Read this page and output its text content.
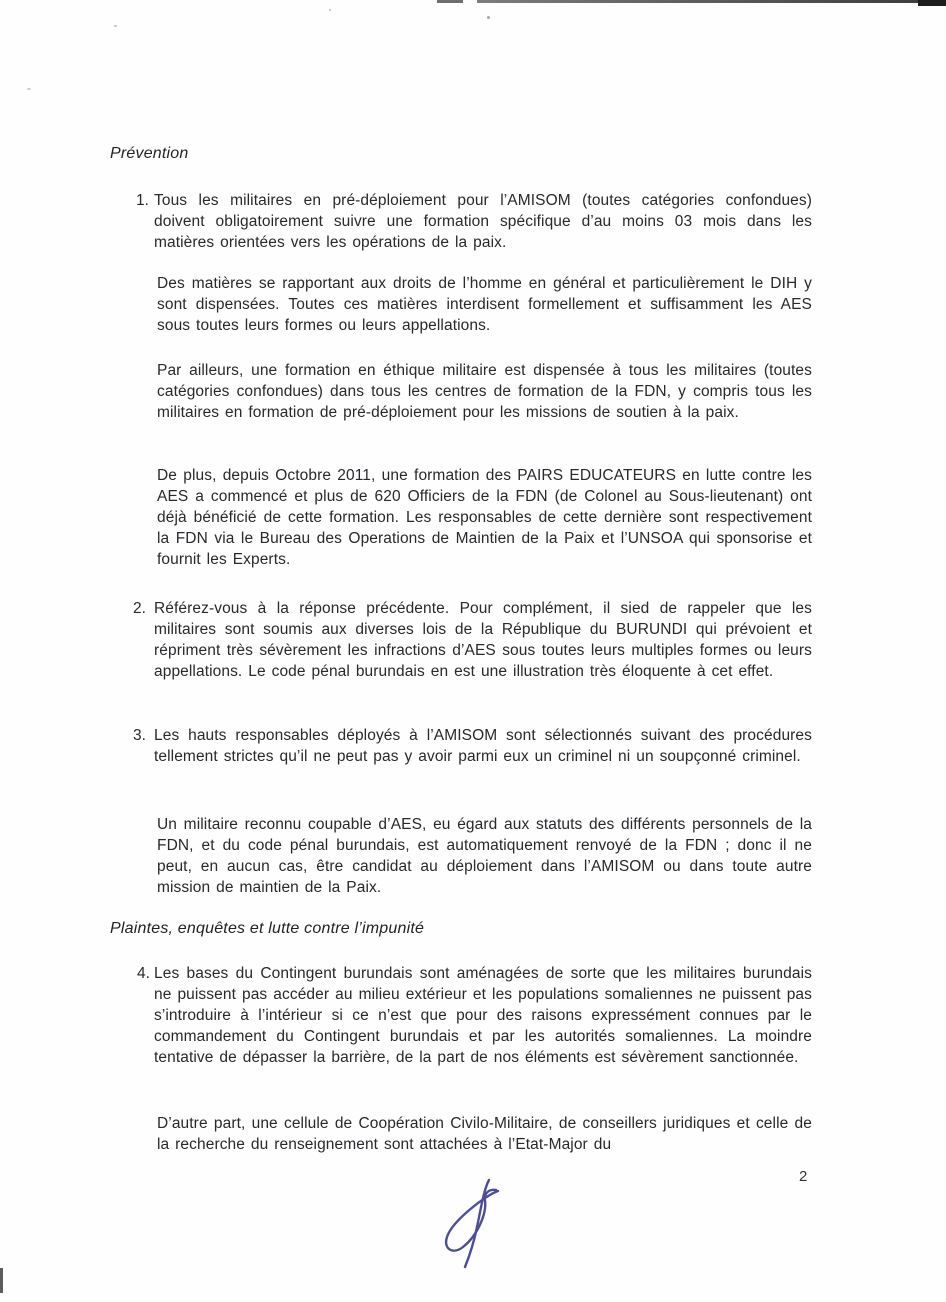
Prévention
1. Tous les militaires en pré-déploiement pour l’AMISOM (toutes catégories confondues) doivent obligatoirement suivre une formation spécifique d’au moins 03 mois dans les matières orientées vers les opérations de la paix.
Des matières se rapportant aux droits de l’homme en général et particulièrement le DIH y sont dispensées. Toutes ces matières interdisent formellement et suffisamment les AES sous toutes leurs formes ou leurs appellations.
Par ailleurs, une formation en éthique militaire est dispensée à tous les militaires (toutes catégories confondues) dans tous les centres de formation de la FDN, y compris tous les militaires en formation de pré-déploiement pour les missions de soutien à la paix.
De plus, depuis Octobre 2011, une formation des PAIRS EDUCATEURS en lutte contre les AES a commencé et plus de 620 Officiers de la FDN (de Colonel au Sous-lieutenant) ont déjà bénéficié de cette formation. Les responsables de cette dernière sont respectivement la FDN via le Bureau des Operations de Maintien de la Paix et l’UNSOA qui sponsorise et fournit les Experts.
2. Référez-vous à la réponse précédente. Pour complément, il sied de rappeler que les militaires sont soumis aux diverses lois de la République du BURUNDI qui prévoient et répriment très sévèrement les infractions d’AES sous toutes leurs multiples formes ou leurs appellations. Le code pénal burundais en est une illustration très éloquente à cet effet.
3. Les hauts responsables déployés à l’AMISOM sont sélectionnés suivant des procédures tellement strictes qu’il ne peut pas y avoir parmi eux un criminel ni un soupçonné criminel.
Un militaire reconnu coupable d’AES, eu égard aux statuts des différents personnels de la FDN, et du code pénal burundais, est automatiquement renvoyé de la FDN ; donc il ne peut, en aucun cas, être candidat au déploiement dans l’AMISOM ou dans toute autre mission de maintien de la Paix.
Plaintes, enquêtes et lutte contre l’impunité
4. Les bases du Contingent burundais sont aménagées de sorte que les militaires burundais ne puissent pas accéder au milieu extérieur et les populations somaliennes ne puissent pas s’introduire à l’intérieur si ce n’est que pour des raisons expressément connues par le commandement du Contingent burundais et par les autorités somaliennes. La moindre tentative de dépasser la barrière, de la part de nos éléments est sévèrement sanctionnée.
D’autre part, une cellule de Coopération Civilo-Militaire, de conseillers juridiques et celle de la recherche du renseignement sont attachées à l’Etat-Major du
2
